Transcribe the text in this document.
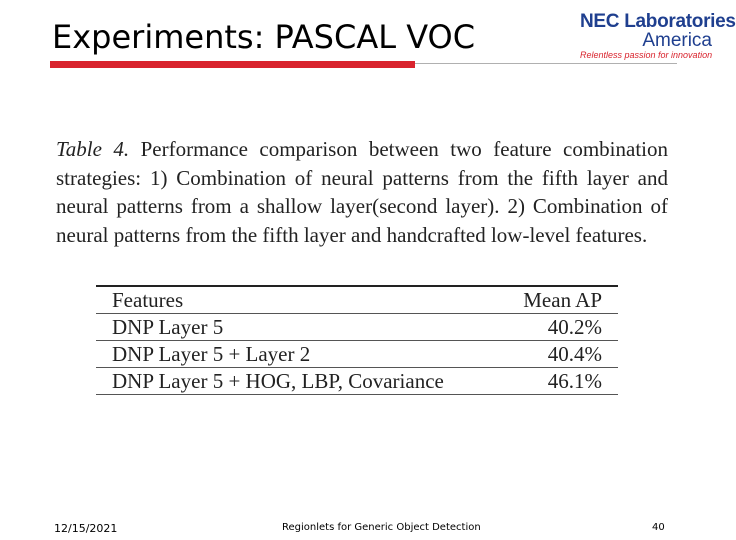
Experiments: PASCAL VOC	NEC Laboratories
America
Relentless passion for innovation
Table 4. Performance comparison between two feature combination strategies: 1) Combination of neural patterns from the fifth layer and neural patterns from a shallow layer(second layer). 2) Combination of neural patterns from the fifth layer and handcrafted low-level features.
Features	Mean AP
DNP Layer 5	40.2%
DNP Layer 5 + Layer 2	40.4%
DNP Layer 5 + HOG, LBP, Covariance	46.1%
12/15/2021	Regionlets for Generic Object Detection	40
